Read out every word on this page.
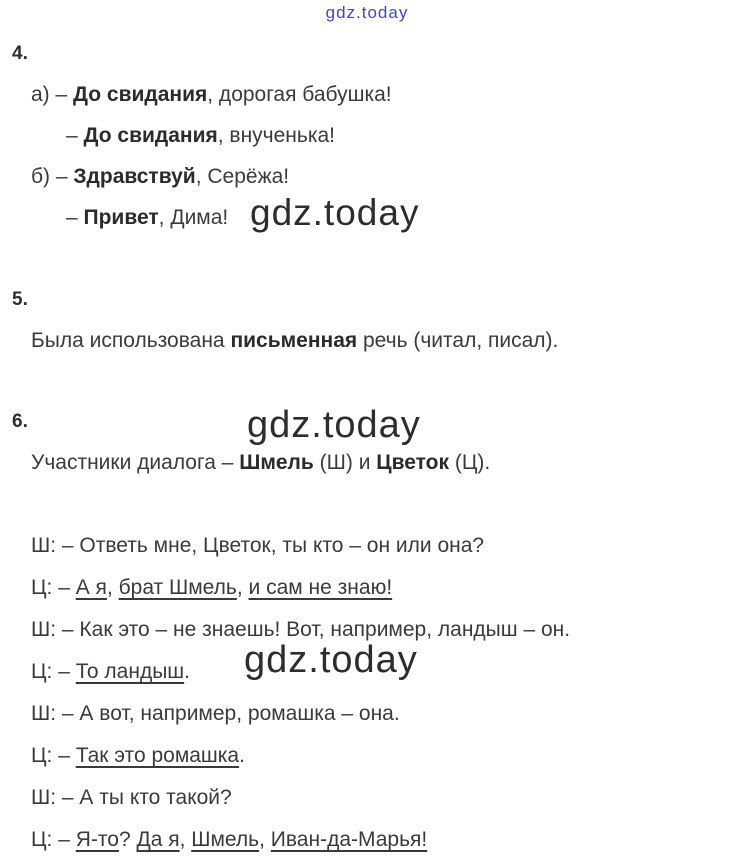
gdz.today
gdz.today
gdz.today
gdz.today
4.
а) – До свидания, дорогая бабушка!
– До свидания, внученька!
б) – Здравствуй, Серёжа!
– Привет, Дима!
5.
Была использована письменная речь (читал, писал).
6.
Участники диалога – Шмель (Ш) и Цветок (Ц).
Ш: – Ответь мне, Цветок, ты кто – он или она?
Ц: – А я, брат Шмель, и сам не знаю!
Ш: – Как это – не знаешь! Вот, например, ландыш – он.
Ц: – То ландыш.
Ш: – А вот, например, ромашка – она.
Ц: – Так это ромашка.
Ш: – А ты кто такой?
Ц: – Я-то? Да я, Шмель, Иван-да-Марья!
